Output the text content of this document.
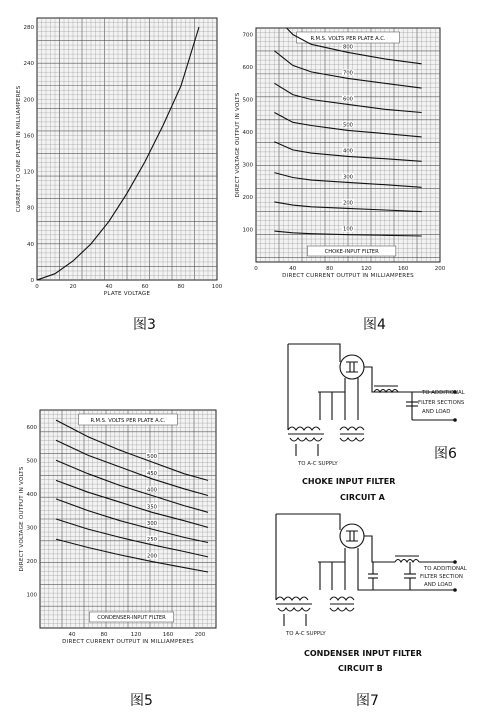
0	20	40	60	80	100
0
40
80
120
160
200
240
280
PLATE VOLTAGE
CURRENT TO ONE PLATE IN MILLIAMPERES
图3
0	40	80	120	160	200
100
200
300
400
500
600
700
DIRECT CURRENT OUTPUT IN MILLIAMPERES
DIRECT VOLTAGE OUTPUT IN VOLTS
R.M.S. VOLTS PER PLATE A.C.
CHOKE-INPUT FILTER
800
700
600
500
400
300
200
100
图4
40	80	120	160	200
100
200
300
400
500
600
DIRECT CURRENT OUTPUT IN MILLIAMPERES
DIRECT VOLTAGE OUTPUT IN VOLTS
R.M.S. VOLTS PER PLATE A.C.
CONDENSER-INPUT FILTER
500
450
400
350
300
250
200
图5
TO ADDITIONAL
FILTER SECTIONS
AND LOAD
TO A-C SUPPLY
CHOKE INPUT FILTER
CIRCUIT A
图6
TO ADDITIONAL
FILTER SECTION
AND LOAD
TO A-C SUPPLY
CONDENSER INPUT FILTER
CIRCUIT B
图7
